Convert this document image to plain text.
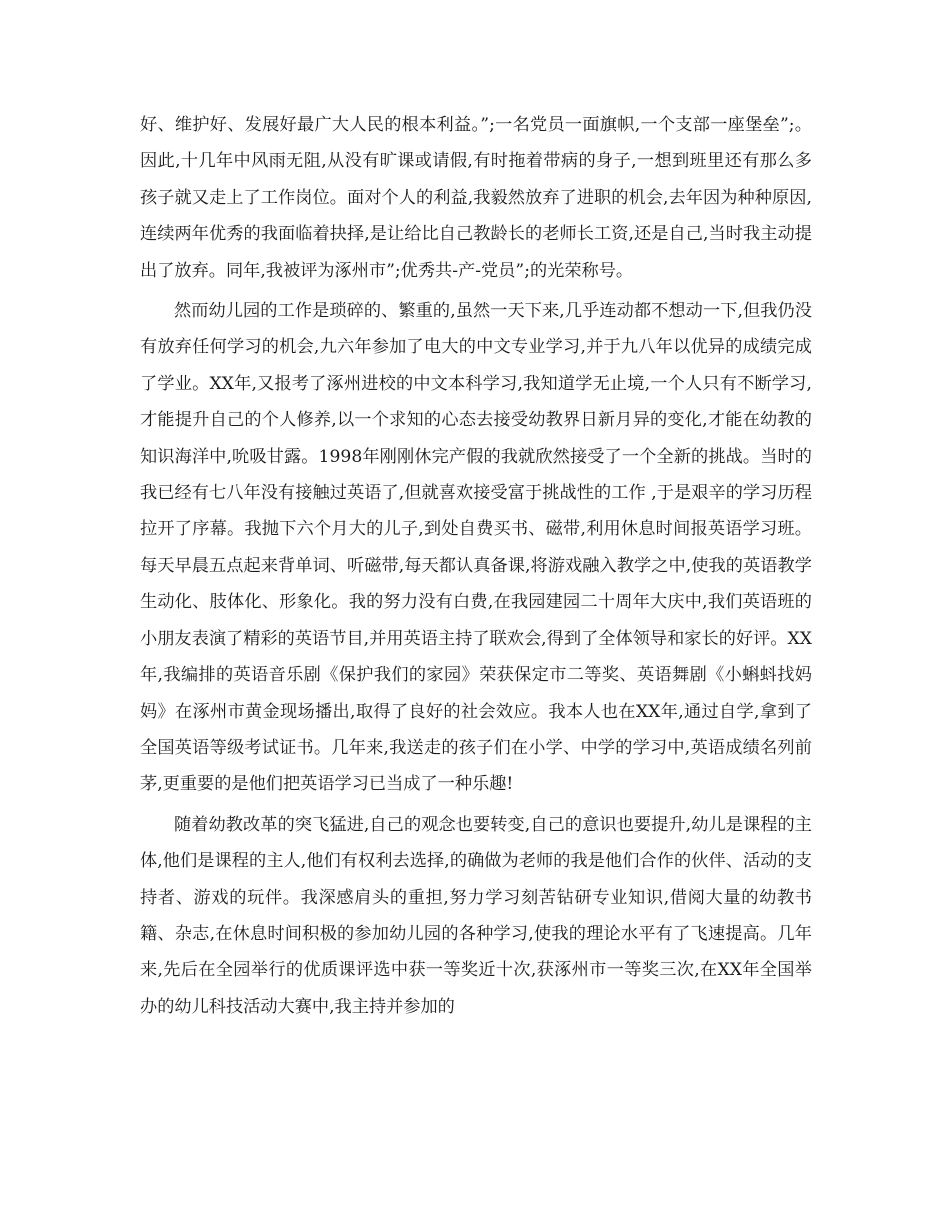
好、维护好、发展好最广大人民的根本利益。”;一名党员一面旗帜,一个支部一座堡垒”;。因此,十几年中风雨无阻,从没有旷课或请假,有时拖着带病的身子,一想到班里还有那么多孩子就又走上了工作岗位。面对个人的利益,我毅然放弃了进职的机会,去年因为种种原因,连续两年优秀的我面临着抉择,是让给比自己教龄长的老师长工资,还是自己,当时我主动提出了放弃。同年,我被评为涿州市”;优秀共-产-党员”;的光荣称号。

然而幼儿园的工作是琐碎的、繁重的,虽然一天下来,几乎连动都不想动一下,但我仍没有放弃任何学习的机会,九六年参加了电大的中文专业学习,并于九八年以优异的成绩完成了学业。XX年,又报考了涿州进校的中文本科学习,我知道学无止境,一个人只有不断学习,才能提升自己的个人修养,以一个求知的心态去接受幼教界日新月异的变化,才能在幼教的知识海洋中,吮吸甘露。1998年刚刚休完产假的我就欣然接受了一个全新的挑战。当时的我已经有七八年没有接触过英语了,但就喜欢接受富于挑战性的工作 ,于是艰辛的学习历程拉开了序幕。我抛下六个月大的儿子,到处自费买书、磁带,利用休息时间报英语学习班。每天早晨五点起来背单词、听磁带,每天都认真备课,将游戏融入教学之中,使我的英语教学生动化、肢体化、形象化。我的努力没有白费,在我园建园二十周年大庆中,我们英语班的小朋友表演了精彩的英语节目,并用英语主持了联欢会,得到了全体领导和家长的好评。XX年,我编排的英语音乐剧《保护我们的家园》荣获保定市二等奖、英语舞剧《小蝌蚪找妈妈》在涿州市黄金现场播出,取得了良好的社会效应。我本人也在XX年,通过自学,拿到了全国英语等级考试证书。几年来,我送走的孩子们在小学、中学的学习中,英语成绩名列前茅,更重要的是他们把英语学习已当成了一种乐趣!

随着幼教改革的突飞猛进,自己的观念也要转变,自己的意识也要提升,幼儿是课程的主体,他们是课程的主人,他们有权利去选择,的确做为老师的我是他们合作的伙伴、活动的支持者、游戏的玩伴。我深感肩头的重担,努力学习刻苦钻研专业知识,借阅大量的幼教书籍、杂志,在休息时间积极的参加幼儿园的各种学习,使我的理论水平有了飞速提高。几年来,先后在全园举行的优质课评选中获一等奖近十次,获涿州市一等奖三次,在XX年全国举办的幼儿科技活动大赛中,我主持并参加的
